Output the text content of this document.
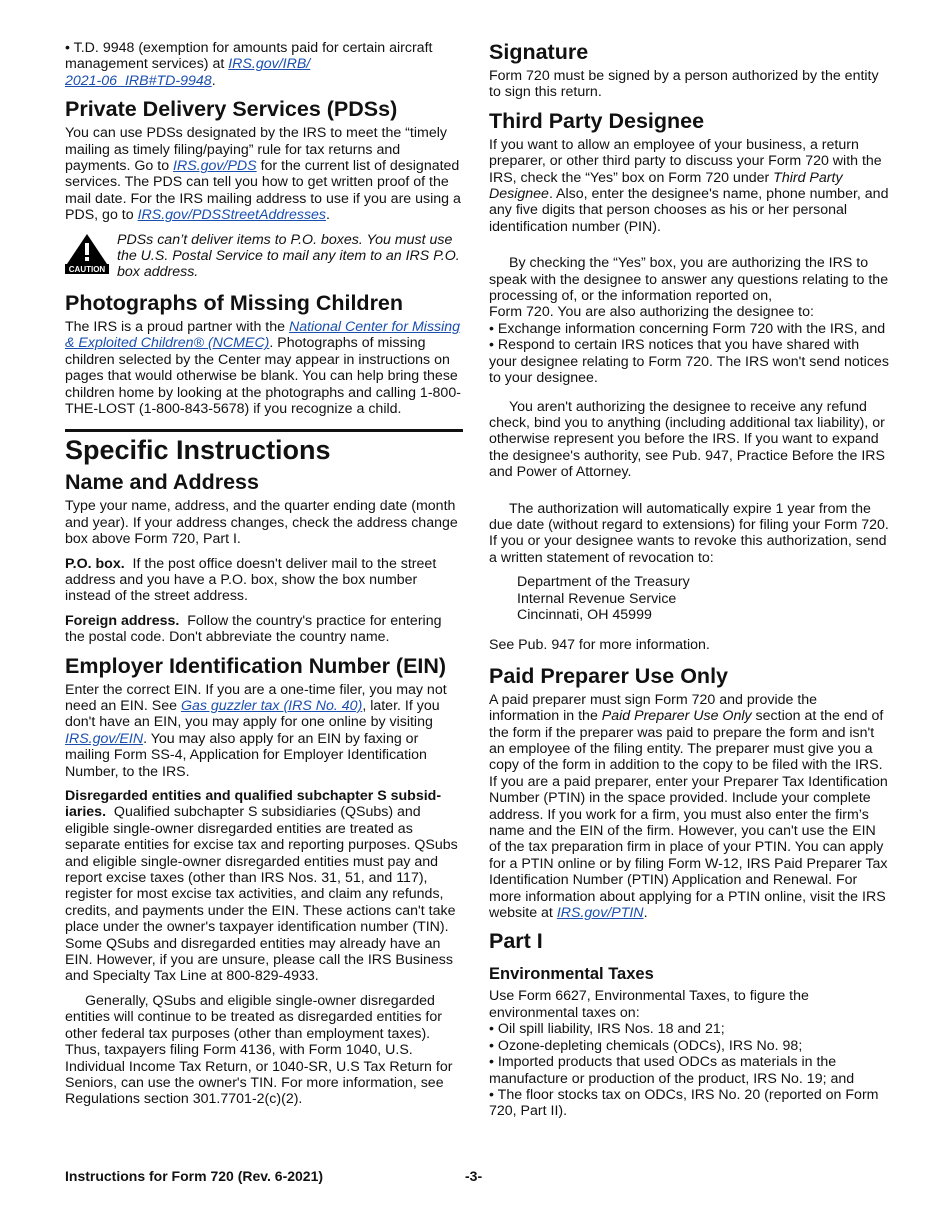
• T.D. 9948 (exemption for amounts paid for certain aircraft management services) at IRS.gov/IRB/
2021-06_IRB#TD-9948.

Private Delivery Services (PDSs)

You can use PDSs designated by the IRS to meet the “timely mailing as timely filing/paying” rule for tax returns and payments. Go to IRS.gov/PDS for the current list of designated services. The PDS can tell you how to get written proof of the mail date. For the IRS mailing address to use if you are using a PDS, go to IRS.gov/PDSStreetAddresses.

CAUTION

PDSs can’t deliver items to P.O. boxes. You must use the U.S. Postal Service to mail any item to an IRS P.O. box address.

Photographs of Missing Children

The IRS is a proud partner with the National Center for Missing & Exploited Children® (NCMEC). Photographs of missing children selected by the Center may appear in instructions on pages that would otherwise be blank. You can help bring these children home by looking at the photographs and calling 1-800-THE-LOST (1-800-843-5678) if you recognize a child.

Specific Instructions
Name and Address

Type your name, address, and the quarter ending date (month and year). If your address changes, check the address change box above Form 720, Part I.

P.O. box.  If the post office doesn't deliver mail to the street address and you have a P.O. box, show the box number instead of the street address.

Foreign address.  Follow the country's practice for entering the postal code. Don't abbreviate the country name.

Employer Identification Number (EIN)

Enter the correct EIN. If you are a one-time filer, you may not need an EIN. See Gas guzzler tax (IRS No. 40), later. If you don't have an EIN, you may apply for one online by visiting IRS.gov/EIN. You may also apply for an EIN by faxing or mailing Form SS-4, Application for Employer Identification Number, to the IRS.

Disregarded entities and qualified subchapter S subsid-iaries.  Qualified subchapter S subsidiaries (QSubs) and eligible single-owner disregarded entities are treated as separate entities for excise tax and reporting purposes. QSubs and eligible single-owner disregarded entities must pay and report excise taxes (other than IRS Nos. 31, 51, and 117), register for most excise tax activities, and claim any refunds, credits, and payments under the EIN. These actions can't take place under the owner's taxpayer identification number (TIN). Some QSubs and disregarded entities may already have an EIN. However, if you are unsure, please call the IRS Business and Specialty Tax Line at 800-829-4933.

Generally, QSubs and eligible single-owner disregarded entities will continue to be treated as disregarded entities for other federal tax purposes (other than employment taxes). Thus, taxpayers filing Form 4136, with Form 1040, U.S. Individual Income Tax Return, or 1040-SR, U.S Tax Return for Seniors, can use the owner's TIN. For more information, see Regulations section 301.7701-2(c)(2).

Signature

Form 720 must be signed by a person authorized by the entity to sign this return.

Third Party Designee

If you want to allow an employee of your business, a return preparer, or other third party to discuss your Form 720 with the IRS, check the “Yes” box on Form 720 under Third Party Designee. Also, enter the designee's name, phone number, and any five digits that person chooses as his or her personal identification number (PIN).

By checking the “Yes” box, you are authorizing the IRS to speak with the designee to answer any questions relating to the processing of, or the information reported on,
Form 720. You are also authorizing the designee to:

• Exchange information concerning Form 720 with the IRS, and

• Respond to certain IRS notices that you have shared with your designee relating to Form 720. The IRS won't send notices to your designee.

You aren't authorizing the designee to receive any refund check, bind you to anything (including additional tax liability), or otherwise represent you before the IRS. If you want to expand the designee's authority, see Pub. 947, Practice Before the IRS and Power of Attorney.

The authorization will automatically expire 1 year from the due date (without regard to extensions) for filing your Form 720. If you or your designee wants to revoke this authorization, send a written statement of revocation to:

Department of the Treasury
Internal Revenue Service
Cincinnati, OH 45999

See Pub. 947 for more information.

Paid Preparer Use Only

A paid preparer must sign Form 720 and provide the information in the Paid Preparer Use Only section at the end of the form if the preparer was paid to prepare the form and isn't an employee of the filing entity. The preparer must give you a copy of the form in addition to the copy to be filed with the IRS. If you are a paid preparer, enter your Preparer Tax Identification Number (PTIN) in the space provided. Include your complete address. If you work for a firm, you must also enter the firm’s name and the EIN of the firm. However, you can't use the EIN of the tax preparation firm in place of your PTIN. You can apply for a PTIN online or by filing Form W-12, IRS Paid Preparer Tax Identification Number (PTIN) Application and Renewal. For more information about applying for a PTIN online, visit the IRS website at IRS.gov/PTIN.

Part I
Environmental Taxes

Use Form 6627, Environmental Taxes, to figure the environmental taxes on:

• Oil spill liability, IRS Nos. 18 and 21;

• Ozone-depleting chemicals (ODCs), IRS No. 98;

• Imported products that used ODCs as materials in the manufacture or production of the product, IRS No. 19; and

• The floor stocks tax on ODCs, IRS No. 20 (reported on Form 720, Part II).

Instructions for Form 720 (Rev. 6-2021)	-3-
